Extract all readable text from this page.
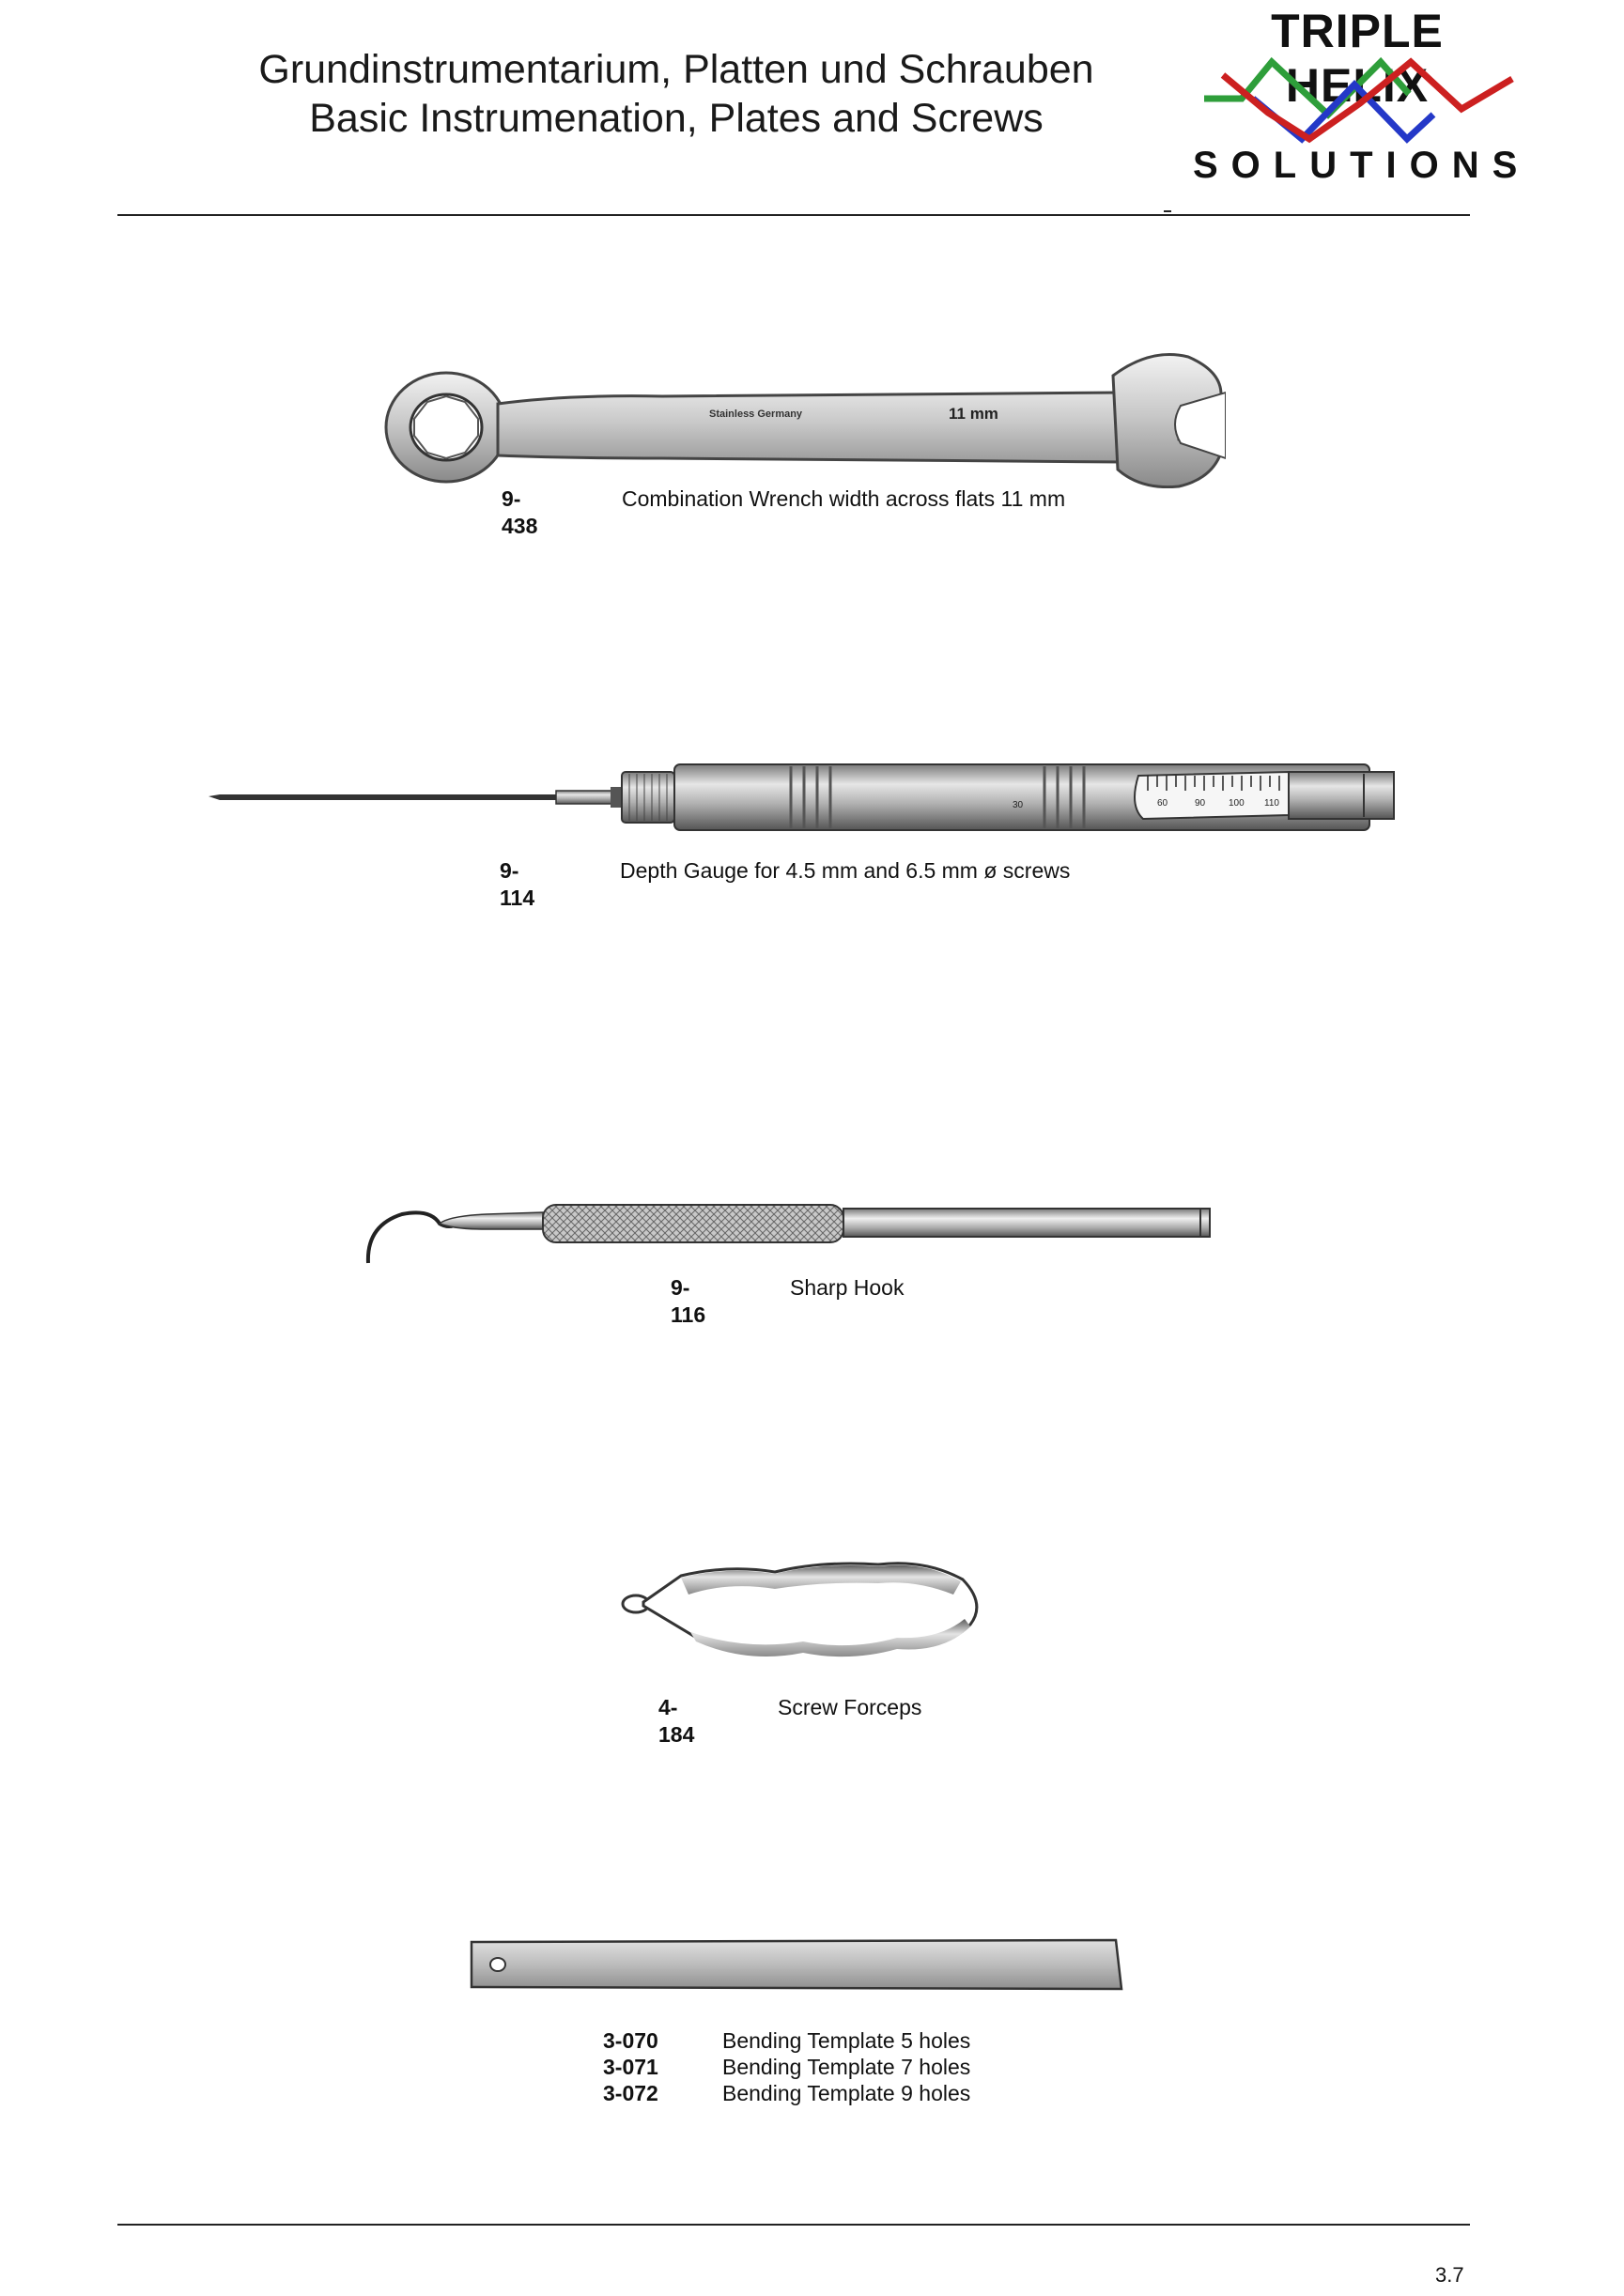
Grundinstrumentarium, Platten und Schrauben
Basic Instrumenation, Plates and Screws
TRIPLE HELIX
SOLUTIONS
Stainless Germany	11 mm
9-438
Combination Wrench width across flats 11 mm
30	60	90 100 110
9-114
Depth Gauge for 4.5 mm and 6.5 mm ø screws
9-116
Sharp Hook
4-184
Screw Forceps
3-070	Bending Template 5 holes
3-071	Bending Template 7 holes
3-072	Bending Template 9 holes
3.7
